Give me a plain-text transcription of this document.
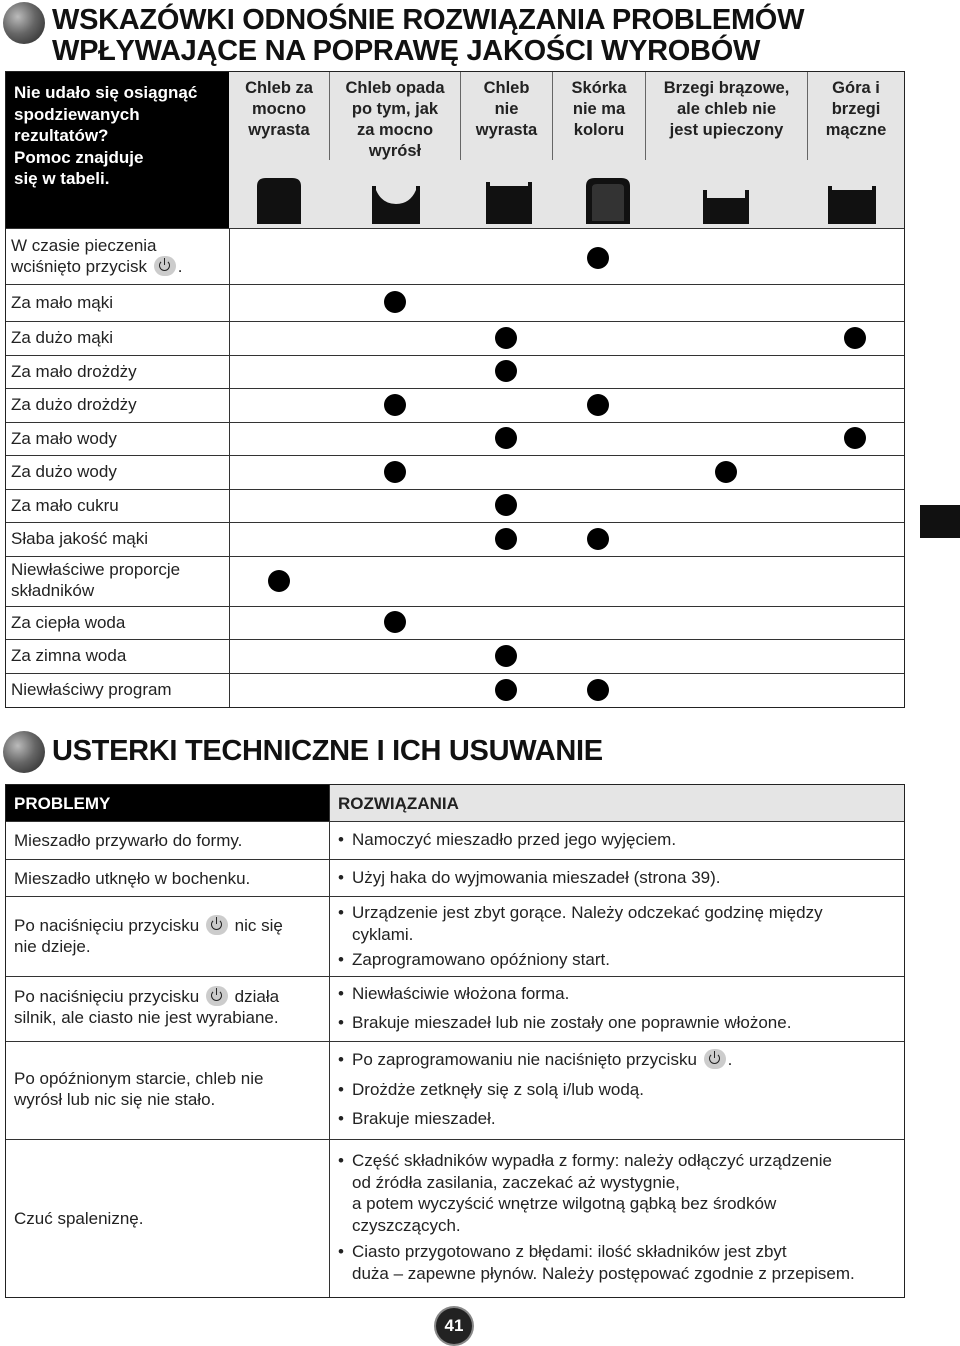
WSKAZÓWKI ODNOŚNIE ROZWIĄZANIA PROBLEMÓW
WPŁYWAJĄCE NA POPRAWĘ JAKOŚCI WYROBÓW
Nie udało się osiągnąć
spodziewanych
rezultatów?
Pomoc znajduje
się w tabeli.
Chleb za
mocno
wyrasta
Chleb opada
po tym, jak
za mocno
wyrósł
Chleb
nie
wyrasta
Skórka
nie ma
koloru
Brzegi brązowe,
ale chleb nie
jest upieczony
Góra i
brzegi
mączne
W czasie pieczenia
wciśnięto przycisk .
Za mało mąki
Za dużo mąki
Za mało drożdży
Za dużo drożdży
Za mało wody
Za dużo wody
Za mało cukru
Słaba jakość mąki
Niewłaściwe proporcje
składników
Za ciepła woda
Za zimna woda
Niewłaściwy program
USTERKI TECHNICZNE I ICH USUWANIE
PROBLEMY	ROZWIĄZANIA
Mieszadło przywarło do formy.
Mieszadło utknęło w bochenku.
Po naciśnięciu przycisku nic się
nie dzieje.
Po naciśnięciu przycisku działa
silnik, ale ciasto nie jest wyrabiane.
Po opóźnionym starcie, chleb nie
wyrósł lub nic się nie stało.
Czuć spaleniznę.
• Namoczyć mieszadło przed jego wyjęciem.
• Użyj haka do wyjmowania mieszadeł (strona 39).
• Urządzenie jest zbyt gorące. Należy odczekać godzinę między
cyklami.
• Zaprogramowano opóźniony start.
• Niewłaściwie włożona forma.
• Brakuje mieszadeł lub nie zostały one poprawnie włożone.
• Po zaprogramowaniu nie naciśnięto przycisku .
• Drożdże zetknęły się z solą i/lub wodą.
• Brakuje mieszadeł.
• Część składników wypadła z formy: należy odłączyć urządzenie
od źródła zasilania, zaczekać aż wystygnie,
a potem wyczyścić wnętrze wilgotną gąbką bez środków
czyszczących.
• Ciasto przygotowano z błędami: ilość składników jest zbyt
duża – zapewne płynów. Należy postępować zgodnie z przepisem.
41
